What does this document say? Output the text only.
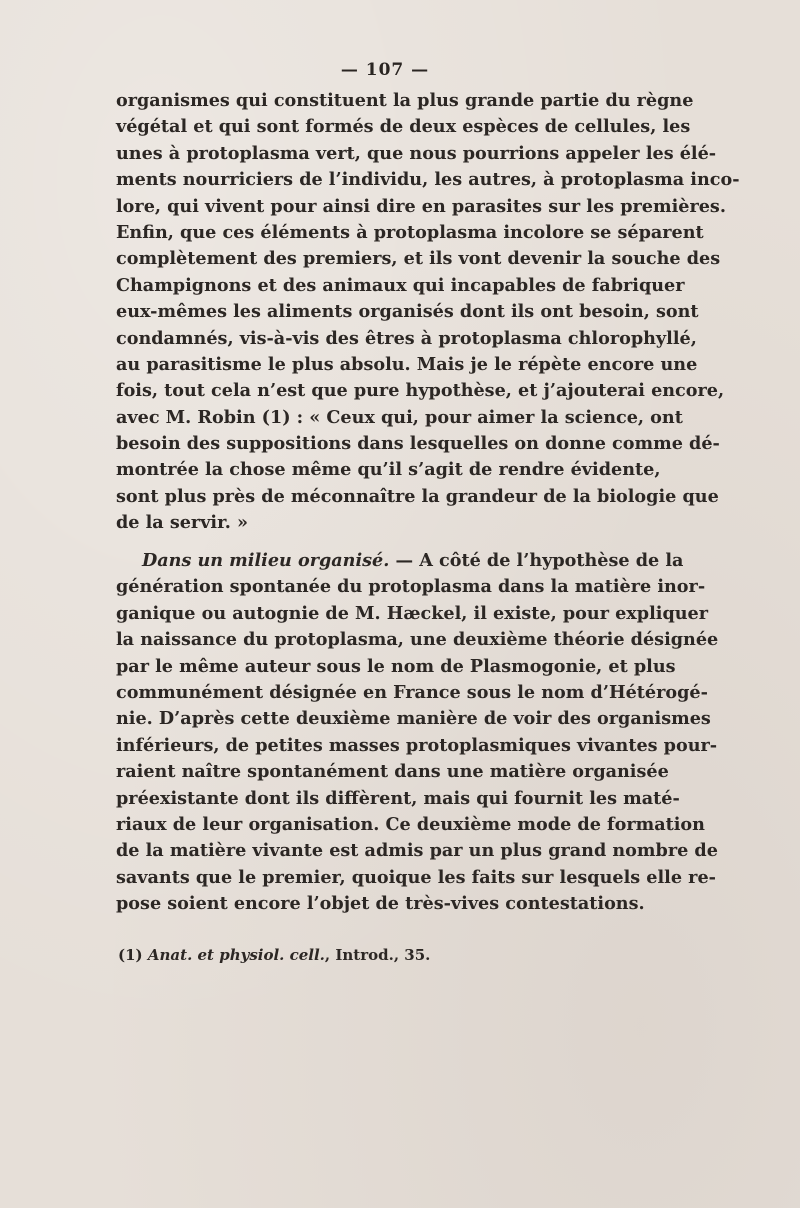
— 107 —
organismes qui constituent la plus grande partie du règne
végétal et qui sont formés de deux espèces de cellules, les
unes à protoplasma vert, que nous pourrions appeler les élé-
ments nourriciers de l’individu, les autres, à protoplasma inco-
lore, qui vivent pour ainsi dire en parasites sur les premières.
Enfin, que ces éléments à protoplasma incolore se séparent
complètement des premiers, et ils vont devenir la souche des
Champignons et des animaux qui incapables de fabriquer
eux-mêmes les aliments organisés dont ils ont besoin, sont
condamnés, vis-à-vis des êtres à protoplasma chlorophyllé,
au parasitisme le plus absolu. Mais je le répète encore une
fois, tout cela n’est que pure hypothèse, et j’ajouterai encore,
avec M. Robin (1) : « Ceux qui, pour aimer la science, ont
besoin des suppositions dans lesquelles on donne comme dé-
montrée la chose même qu’il s’agit de rendre évidente,
sont plus près de méconnaître la grandeur de la biologie que
de la servir. »
Dans un milieu organisé. — A côté de l’hypothèse de la
génération spontanée du protoplasma dans la matière inor-
ganique ou autognie de M. Hæckel, il existe, pour expliquer
la naissance du protoplasma, une deuxième théorie désignée
par le même auteur sous le nom de Plasmogonie, et plus
communément désignée en France sous le nom d’Hétérogé-
nie. D’après cette deuxième manière de voir des organismes
inférieurs, de petites masses protoplasmiques vivantes pour-
raient naître spontanément dans une matière organisée
préexistante dont ils diffèrent, mais qui fournit les maté-
riaux de leur organisation. Ce deuxième mode de formation
de la matière vivante est admis par un plus grand nombre de
savants que le premier, quoique les faits sur lesquels elle re-
pose soient encore l’objet de très-vives contestations.
(1) Anat. et physiol. cell., Introd., 35.
